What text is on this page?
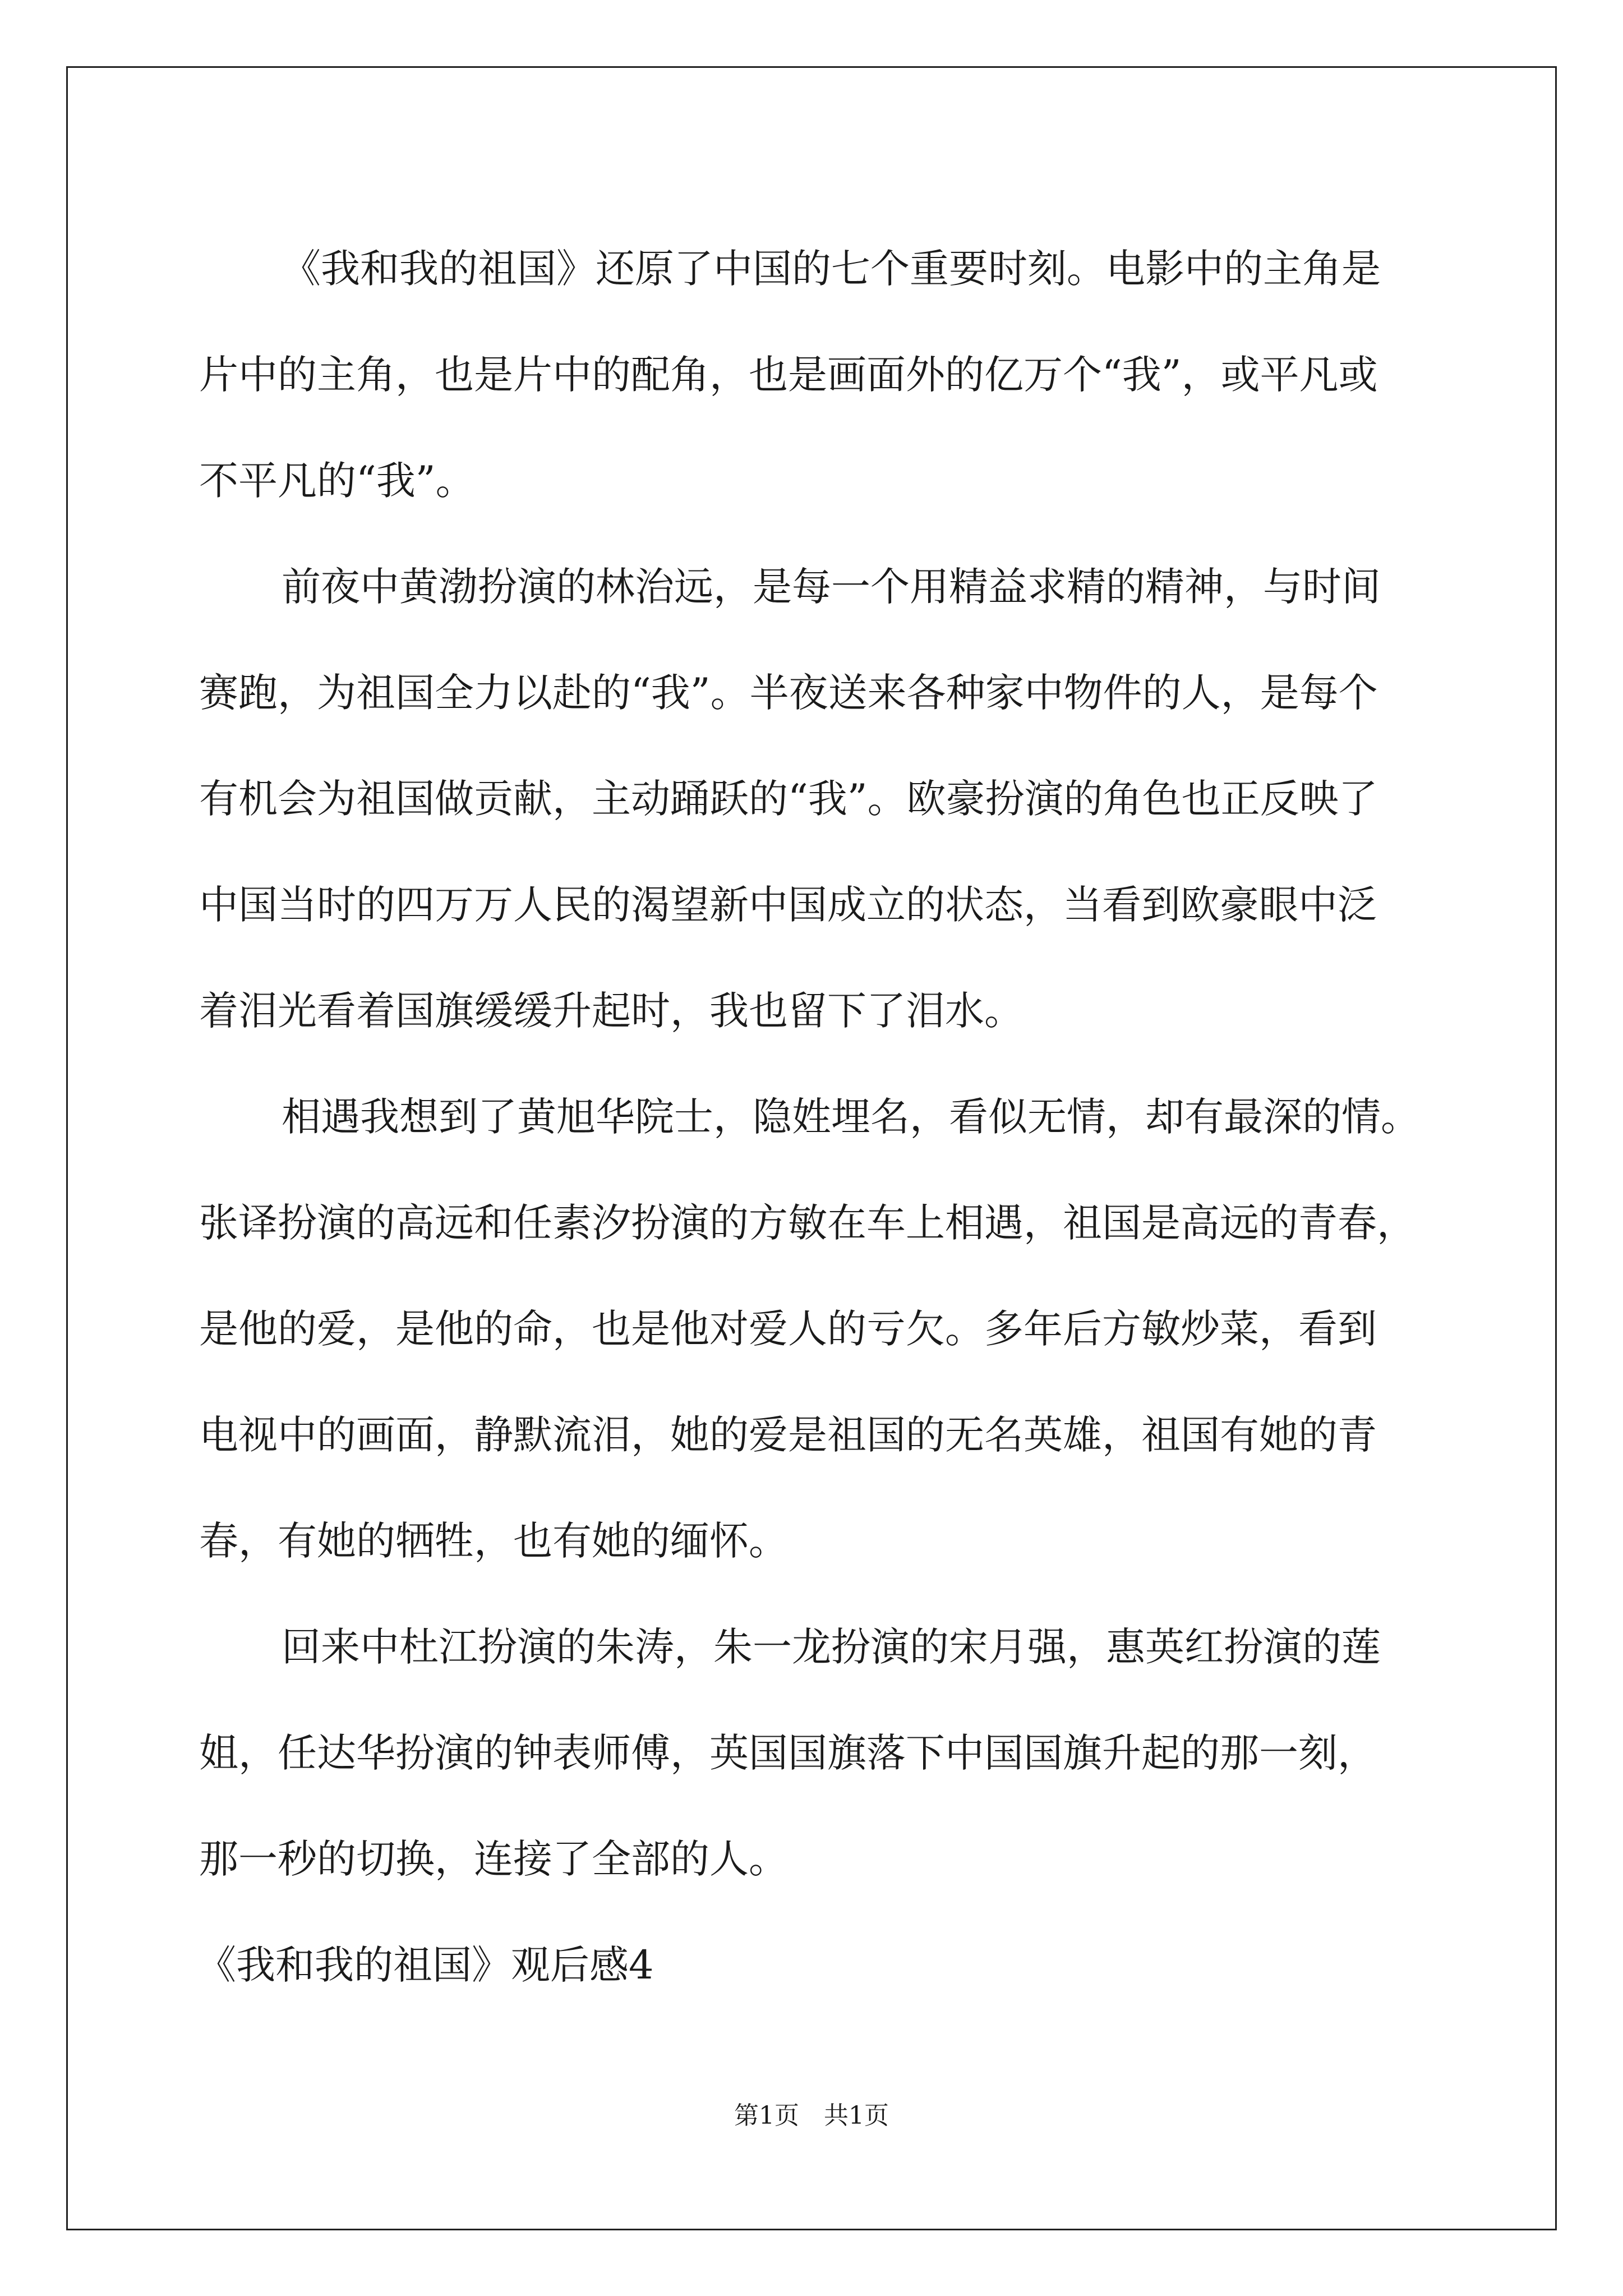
《我和我的祖国》还原了中国的七个重要时刻。电影中的主角是
片中的主角，也是片中的配角，也是画面外的亿万个“我”，或平凡或
不平凡的“我”。
前夜中黄渤扮演的林治远，是每一个用精益求精的精神，与时间
赛跑，为祖国全力以赴的“我”。半夜送来各种家中物件的人，是每个
有机会为祖国做贡献，主动踊跃的“我”。欧豪扮演的角色也正反映了
中国当时的四万万人民的渴望新中国成立的状态，当看到欧豪眼中泛
着泪光看着国旗缓缓升起时，我也留下了泪水。
相遇我想到了黄旭华院士，隐姓埋名，看似无情，却有最深的情。
张译扮演的高远和任素汐扮演的方敏在车上相遇，祖国是高远的青春，
是他的爱，是他的命，也是他对爱人的亏欠。多年后方敏炒菜，看到
电视中的画面，静默流泪，她的爱是祖国的无名英雄，祖国有她的青
春，有她的牺牲，也有她的缅怀。
回来中杜江扮演的朱涛，朱一龙扮演的宋月强，惠英红扮演的莲
姐，任达华扮演的钟表师傅，英国国旗落下中国国旗升起的那一刻，
那一秒的切换，连接了全部的人。
《我和我的祖国》观后感4
第1页　共1页
